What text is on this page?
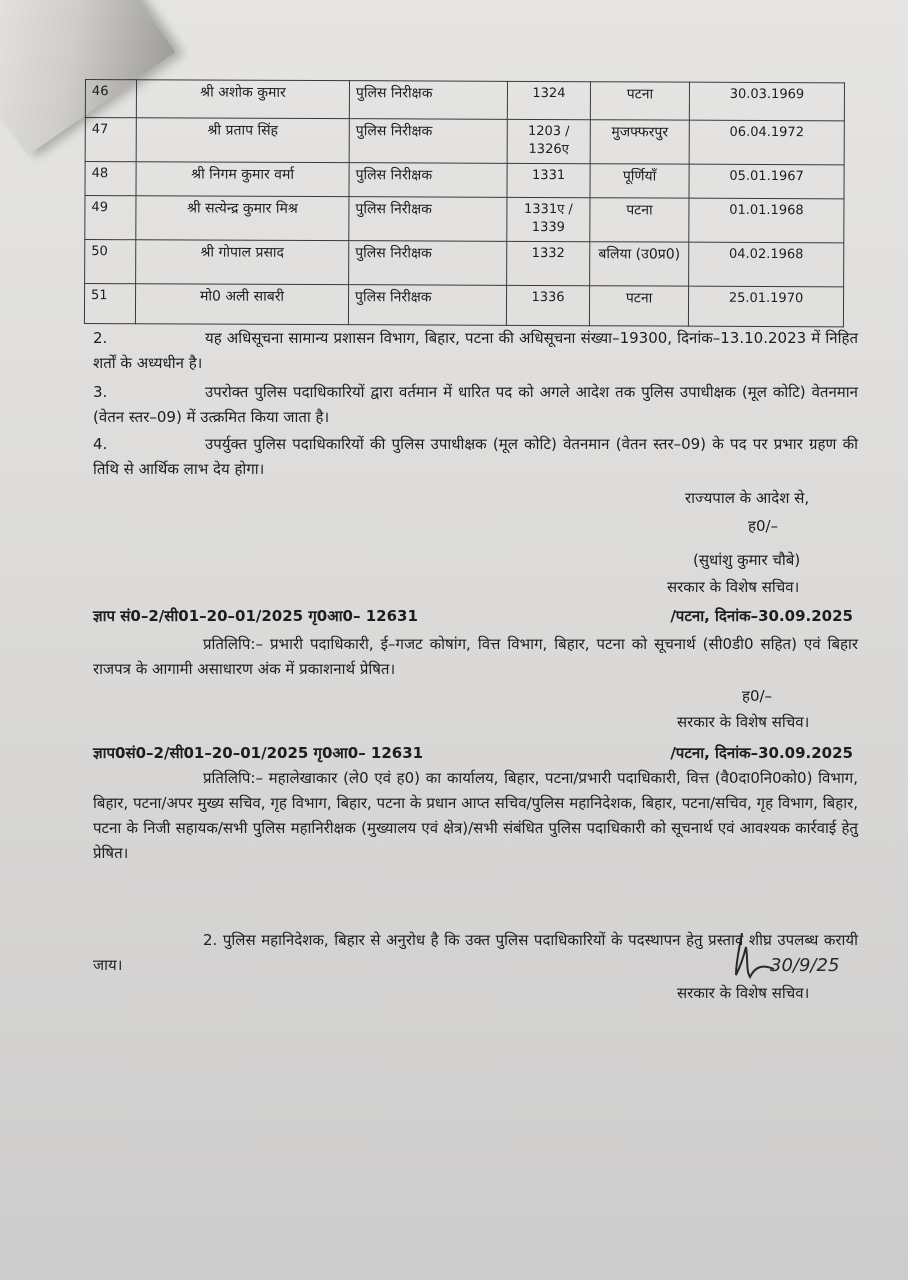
46	श्री अशोक कुमार	पुलिस निरीक्षक	1324	पटना	30.03.1969
47	श्री प्रताप सिंह	पुलिस निरीक्षक	1203 / 1326ए	मुजफ्फरपुर	06.04.1972
48	श्री निगम कुमार वर्मा	पुलिस निरीक्षक	1331	पूर्णियाँ	05.01.1967
49	श्री सत्येन्द्र कुमार मिश्र	पुलिस निरीक्षक	1331ए / 1339	पटना	01.01.1968
50	श्री गोपाल प्रसाद	पुलिस निरीक्षक	1332	बलिया (उ0प्र0)	04.02.1968
51	मो0 अली साबरी	पुलिस निरीक्षक	1336	पटना	25.01.1970
2.	यह अधिसूचना सामान्य प्रशासन विभाग, बिहार, पटना की अधिसूचना संख्या–19300, दिनांक–13.10.2023 में निहित शर्तों के अध्यधीन है।
3.	उपरोक्त पुलिस पदाधिकारियों द्वारा वर्तमान में धारित पद को अगले आदेश तक पुलिस उपाधीक्षक (मूल कोटि) वेतनमान (वेतन स्तर–09) में उत्क्रमित किया जाता है।
4.	उपर्युक्त पुलिस पदाधिकारियों की पुलिस उपाधीक्षक (मूल कोटि) वेतनमान (वेतन स्तर–09) के पद पर प्रभार ग्रहण की तिथि से आर्थिक लाभ देय होगा।
राज्यपाल के आदेश से,
ह0/–
(सुधांशु कुमार चौबे)
सरकार के विशेष सचिव।
ज्ञाप सं0–2/सी01–20–01/2025 गृ0आ0– 12631	/पटना, दिनांक–30.09.2025
प्रतिलिपि:– प्रभारी पदाधिकारी, ई–गजट कोषांग, वित्त विभाग, बिहार, पटना को सूचनार्थ (सी0डी0 सहित) एवं बिहार राजपत्र के आगामी असाधारण अंक में प्रकाशनार्थ प्रेषित।
ह0/–
सरकार के विशेष सचिव।
ज्ञाप0सं0–2/सी01–20–01/2025 गृ0आ0– 12631	/पटना, दिनांक–30.09.2025
प्रतिलिपि:– महालेखाकार (ले0 एवं ह0) का कार्यालय, बिहार, पटना/प्रभारी पदाधिकारी, वित्त (वै0दा0नि0को0) विभाग, बिहार, पटना/अपर मुख्य सचिव, गृह विभाग, बिहार, पटना के प्रधान आप्त सचिव/पुलिस महानिदेशक, बिहार, पटना/सचिव, गृह विभाग, बिहार, पटना के निजी सहायक/सभी पुलिस महानिरीक्षक (मुख्यालय एवं क्षेत्र)/सभी संबंधित पुलिस पदाधिकारी को सूचनार्थ एवं आवश्यक कार्रवाई हेतु प्रेषित।
2. पुलिस महानिदेशक, बिहार से अनुरोध है कि उक्त पुलिस पदाधिकारियों के पदस्थापन हेतु प्रस्ताव शीघ्र उपलब्ध करायी जाय।	30/9/25
सरकार के विशेष सचिव।
